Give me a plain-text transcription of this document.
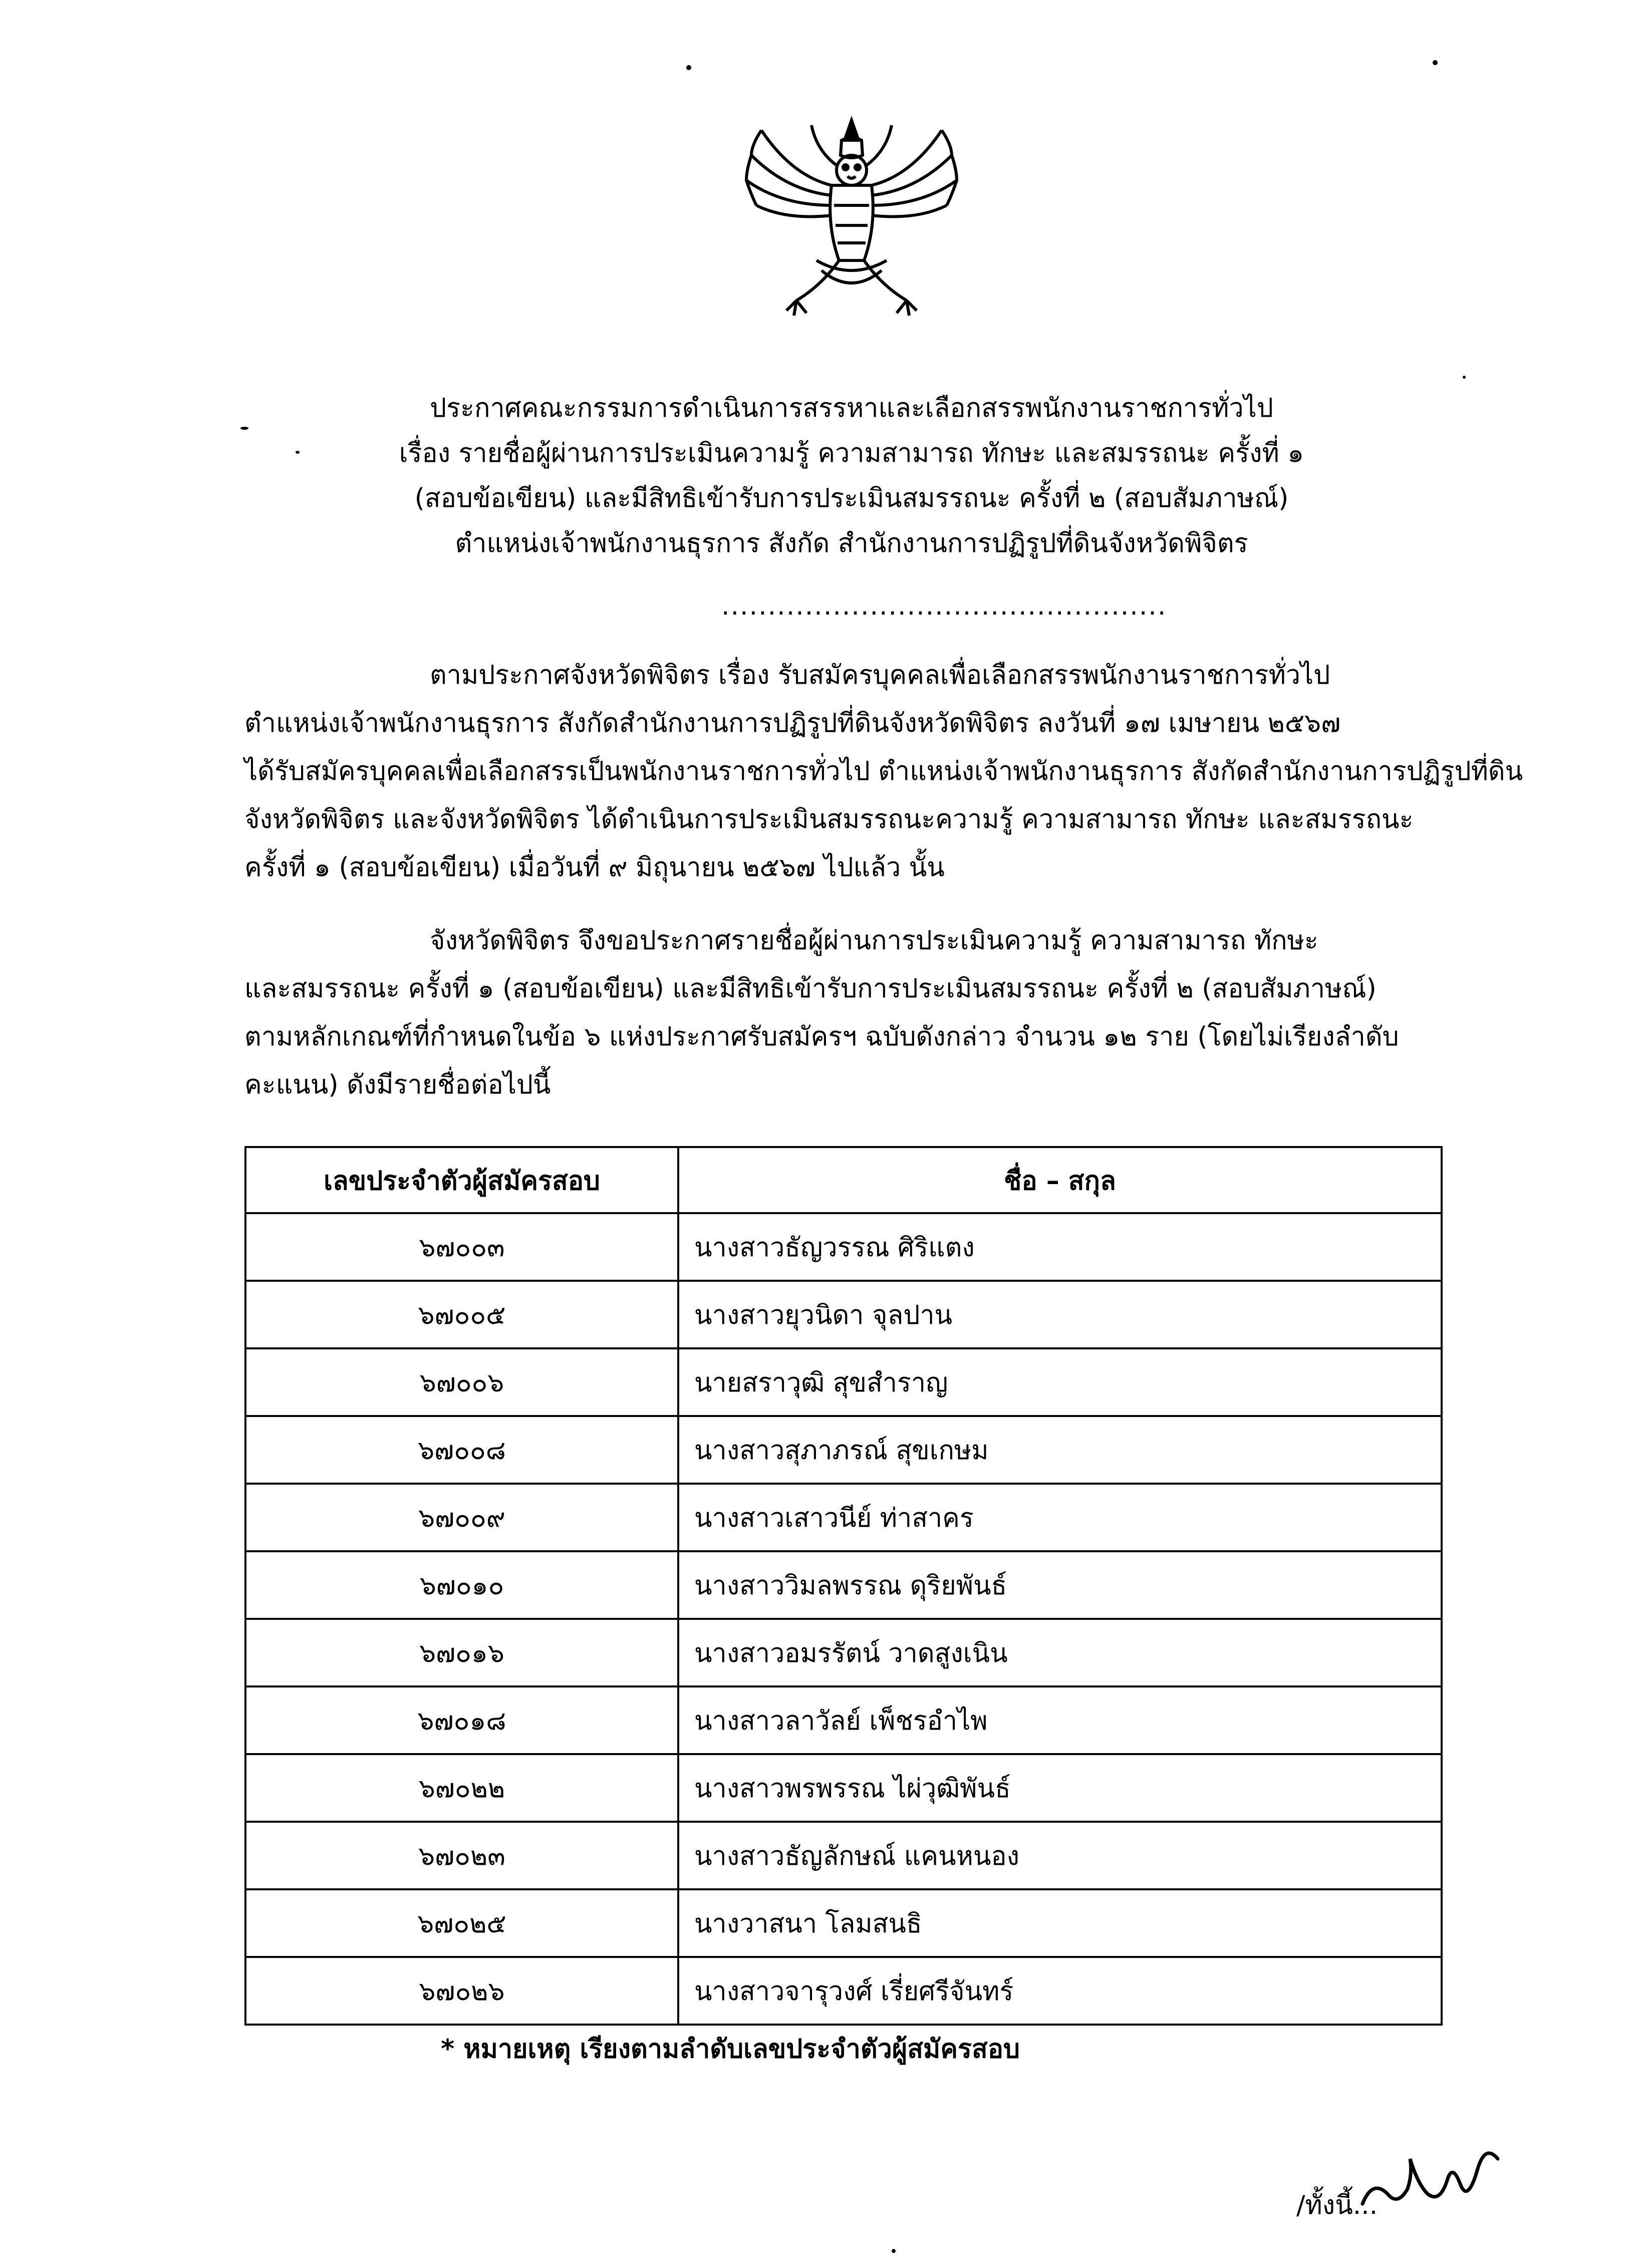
ประกาศคณะกรรมการดำเนินการสรรหาและเลือกสรรพนักงานราชการทั่วไป
เรื่อง รายชื่อผู้ผ่านการประเมินความรู้ ความสามารถ ทักษะ และสมรรถนะ ครั้งที่ ๑
(สอบข้อเขียน) และมีสิทธิเข้ารับการประเมินสมรรถนะ ครั้งที่ ๒ (สอบสัมภาษณ์)
ตำแหน่งเจ้าพนักงานธุรการ สังกัด สำนักงานการปฏิรูปที่ดินจังหวัดพิจิตร
................................................
ตามประกาศจังหวัดพิจิตร เรื่อง รับสมัครบุคคลเพื่อเลือกสรรพนักงานราชการทั่วไป
ตำแหน่งเจ้าพนักงานธุรการ สังกัดสำนักงานการปฏิรูปที่ดินจังหวัดพิจิตร ลงวันที่ ๑๗ เมษายน ๒๕๖๗
ได้รับสมัครบุคคลเพื่อเลือกสรรเป็นพนักงานราชการทั่วไป ตำแหน่งเจ้าพนักงานธุรการ สังกัดสำนักงานการปฏิรูปที่ดิน
จังหวัดพิจิตร และจังหวัดพิจิตร ได้ดำเนินการประเมินสมรรถนะความรู้ ความสามารถ ทักษะ และสมรรถนะ
ครั้งที่ ๑ (สอบข้อเขียน) เมื่อวันที่ ๙ มิถุนายน ๒๕๖๗ ไปแล้ว นั้น
จังหวัดพิจิตร จึงขอประกาศรายชื่อผู้ผ่านการประเมินความรู้ ความสามารถ ทักษะ
และสมรรถนะ ครั้งที่ ๑ (สอบข้อเขียน) และมีสิทธิเข้ารับการประเมินสมรรถนะ ครั้งที่ ๒ (สอบสัมภาษณ์)
ตามหลักเกณฑ์ที่กำหนดในข้อ ๖ แห่งประกาศรับสมัครฯ ฉบับดังกล่าว จำนวน ๑๒ ราย (โดยไม่เรียงลำดับ
คะแนน) ดังมีรายชื่อต่อไปนี้
เลขประจำตัวผู้สมัครสอบ	ชื่อ – สกุล
๖๗๐๐๓	นางสาวธัญวรรณ ศิริแตง
๖๗๐๐๕	นางสาวยุวนิดา จุลปาน
๖๗๐๐๖	นายสราวุฒิ สุขสำราญ
๖๗๐๐๘	นางสาวสุภาภรณ์ สุขเกษม
๖๗๐๐๙	นางสาวเสาวนีย์ ท่าสาคร
๖๗๐๑๐	นางสาววิมลพรรณ ดุริยพันธ์
๖๗๐๑๖	นางสาวอมรรัตน์ วาดสูงเนิน
๖๗๐๑๘	นางสาวลาวัลย์ เพ็ชรอำไพ
๖๗๐๒๒	นางสาวพรพรรณ ไผ่วุฒิพันธ์
๖๗๐๒๓	นางสาวธัญลักษณ์ แคนหนอง
๖๗๐๒๕	นางวาสนา โลมสนธิ
๖๗๐๒๖	นางสาวจารุวงศ์ เรี่ยศรีจันทร์
* หมายเหตุ เรียงตามลำดับเลขประจำตัวผู้สมัครสอบ
/ทั้งนี้...
